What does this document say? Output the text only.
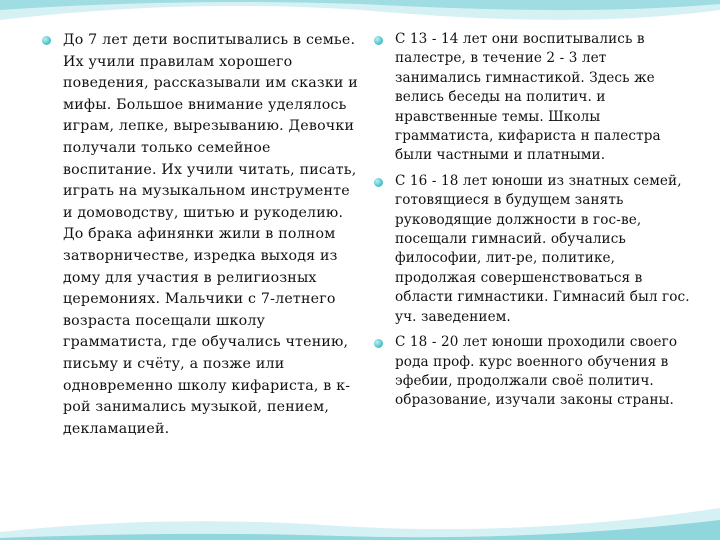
До 7 лет дети воспитывались в семье. Их учили правилам хорошего поведения, рассказывали им сказки и мифы. Большое внимание уделялось играм, лепке, вырезыванию. Девочки получали только семейное воспитание. Их учили читать, писать, играть на музыкальном инструменте и домоводству, шитью и рукоделию. До брака афинянки жили в полном затворничестве, изредка выходя из дому для участия в религиозных церемониях. Мальчики с 7-летнего возраста посещали школу грамматиста, где обучались чтению, письму и счёту, а позже или одновременно школу кифариста, в к-рой занимались музыкой, пением, декламацией.
С 13 - 14 лет они воспитывались в палестре, в течение 2 - 3 лет занимались гимнастикой. Здесь же велись беседы на политич. и нравственные темы. Школы грамматиста, кифариста н палестра были частными и платными.
С 16 - 18 лет юноши из знатных семей, готовящиеся в будущем занять руководящие должности в гос-ве, посещали гимнасий. обучались философии, лит-ре, политике, продолжая совершенствоваться в области гимнастики. Гимнасий был гос. уч. заведением.
С 18 - 20 лет юноши проходили своего рода проф. курс военного обучения в эфебии, продолжали своё политич. образование, изучали законы страны.
